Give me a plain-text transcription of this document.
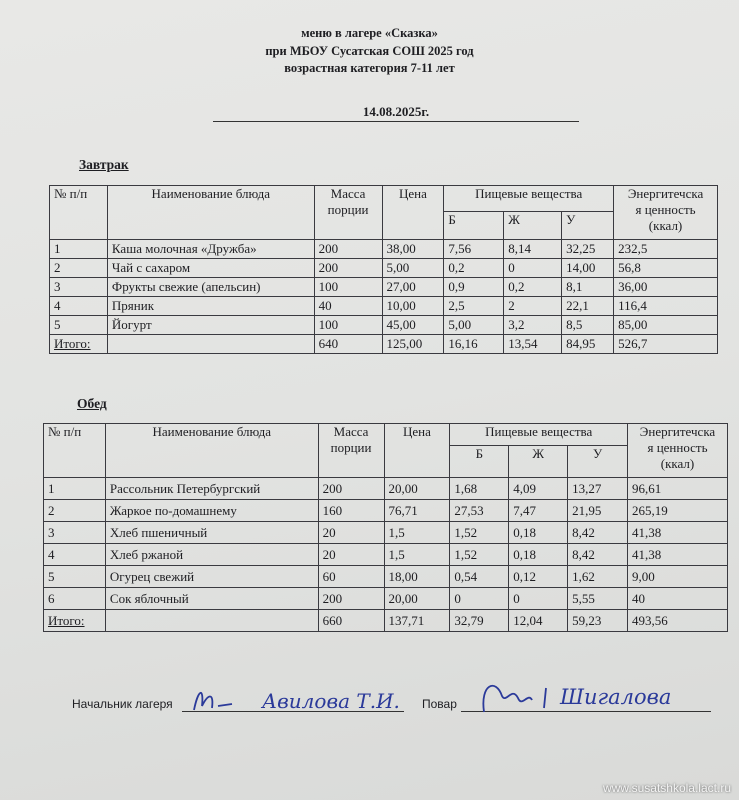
меню в лагере «Сказка»
при МБОУ Сусатская СОШ 2025 год
возрастная категория 7-11 лет
14.08.2025г.
Завтрак
№ п/п	Наименование блюда	Масса порции	Цена	Пищевые вещества			Энергитечска
я ценность
(ккал)

				Б	Ж	У	
1	Каша молочная «Дружба»	200	38,00	7,56	8,14	32,25	232,5
2	Чай с сахаром	200	5,00	0,2	0	14,00	56,8
3	Фрукты свежие (апельсин)	100	27,00	0,9	0,2	8,1	36,00
4	Пряник	40	10,00	2,5	2	22,1	116,4
5	Йогурт	100	45,00	5,00	3,2	8,5	85,00
Итого:		640	125,00	16,16	13,54	84,95	526,7
Обед
№ п/п	Наименование блюда	Масса порции	Цена	Пищевые вещества			Энергитечска
я ценность
(ккал)

				Б	Ж	У	
1	Рассольник Петербургский	200	20,00	1,68	4,09	13,27	96,61
2	Жаркое по-домашнему	160	76,71	27,53	7,47	21,95	265,19
3	Хлеб пшеничный	20	1,5	1,52	0,18	8,42	41,38
4	Хлеб ржаной	20	1,5	1,52	0,18	8,42	41,38
5	Огурец свежий	60	18,00	0,54	0,12	1,62	9,00
6	Сок яблочный	200	20,00	0	0	5,55	40
Итого:		660	137,71	32,79	12,04	59,23	493,56
Начальник лагеря	Авилова Т.И. Повар	Шигалова
www.susatshkola.lact.ru
